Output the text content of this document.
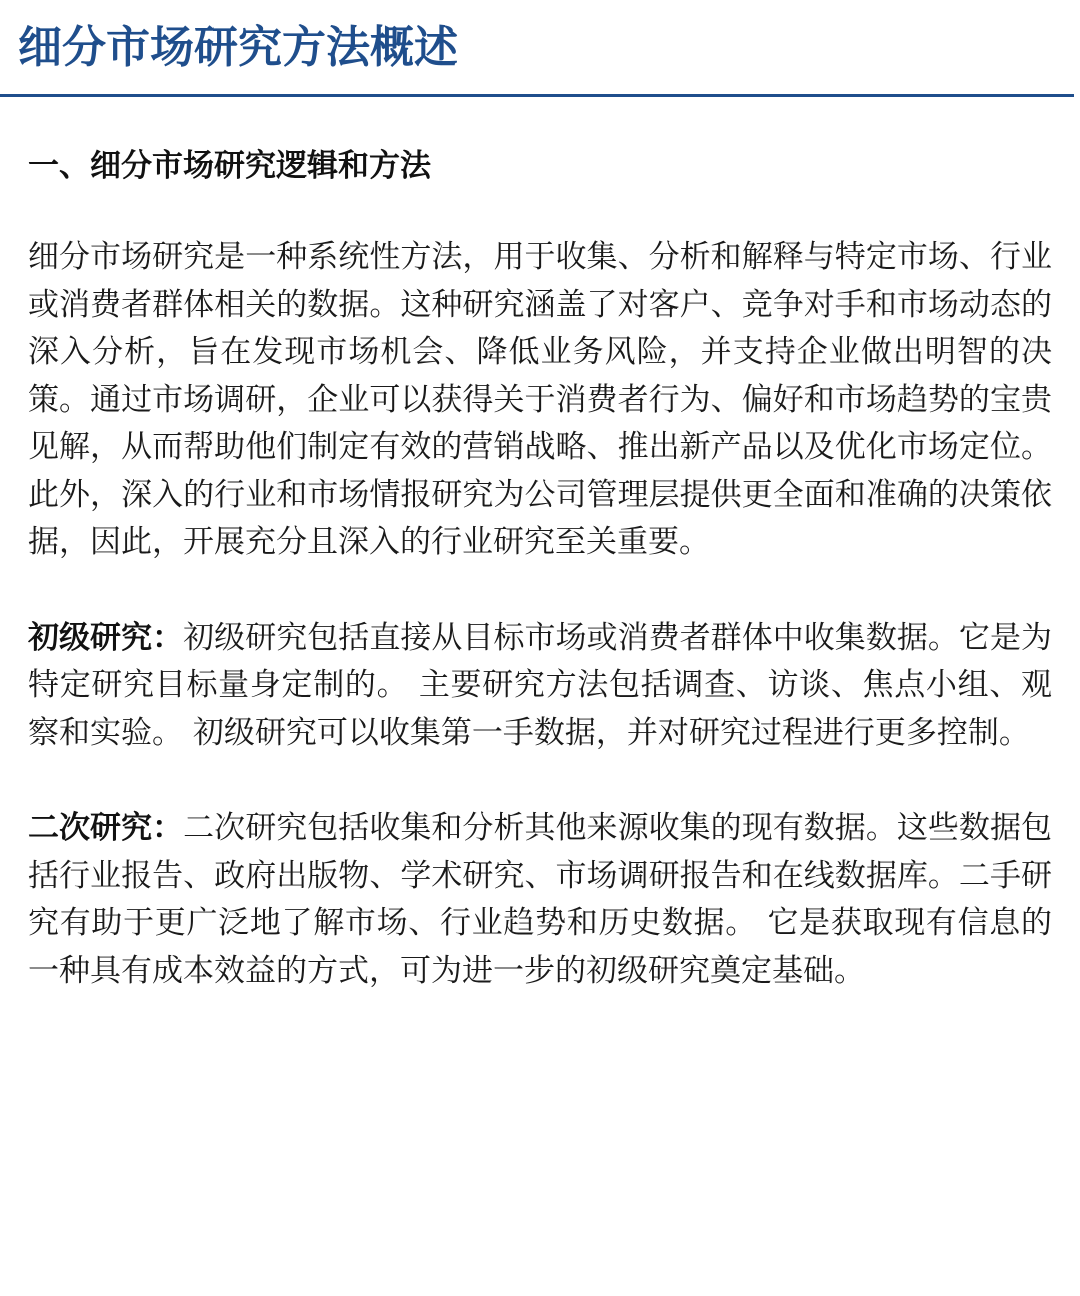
细分市场研究方法概述
一、细分市场研究逻辑和方法

细分市场研究是一种系统性方法，用于收集、分析和解释与特定市场、行业或消费者群体相关的数据。这种研究涵盖了对客户、竞争对手和市场动态的深入分析，旨在发现市场机会、降低业务风险，并支持企业做出明智的决策。通过市场调研，企业可以获得关于消费者行为、偏好和市场趋势的宝贵见解，从而帮助他们制定有效的营销战略、推出新产品以及优化市场定位。此外，深入的行业和市场情报研究为公司管理层提供更全面和准确的决策依据，因此，开展充分且深入的行业研究至关重要。

初级研究：初级研究包括直接从目标市场或消费者群体中收集数据。它是为特定研究目标量身定制的。 主要研究方法包括调查、访谈、焦点小组、观察和实验。 初级研究可以收集第一手数据，并对研究过程进行更多控制。

二次研究：二次研究包括收集和分析其他来源收集的现有数据。这些数据包括行业报告、政府出版物、学术研究、市场调研报告和在线数据库。二手研究有助于更广泛地了解市场、行业趋势和历史数据。 它是获取现有信息的一种具有成本效益的方式，可为进一步的初级研究奠定基础。
